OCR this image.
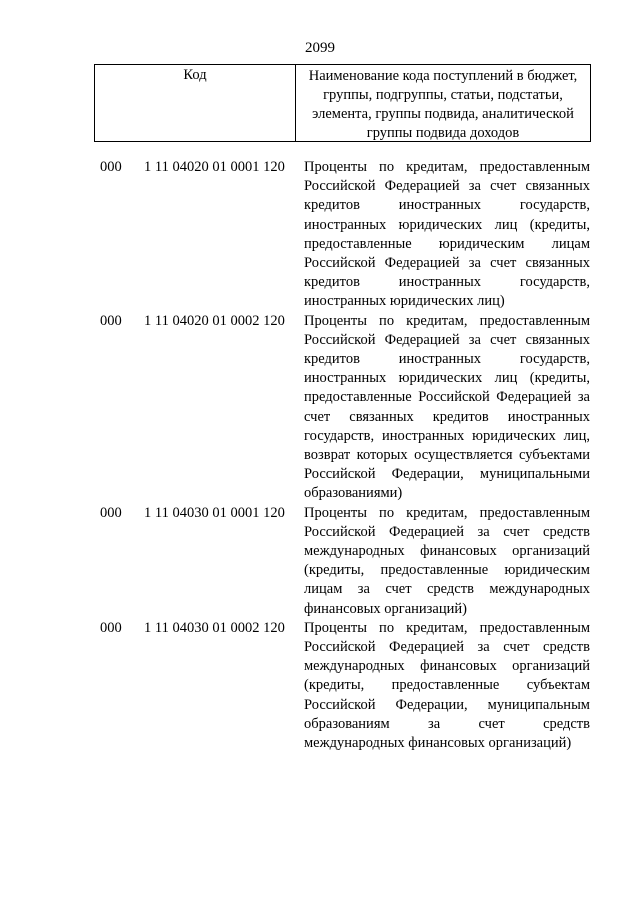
2099
Код	Наименование кода поступлений в бюджет, группы, подгруппы, статьи, подстатьи, элемента, группы подвида, аналитической группы подвида доходов
000	1 11 04020 01 0001 120	Проценты по кредитам, предоставленным Российской Федерацией за счет связанных кредитов иностранных государств, иностранных юридических лиц (кредиты, предоставленные юридическим лицам Российской Федерацией за счет связанных кредитов иностранных государств, иностранных юридических лиц)
000	1 11 04020 01 0002 120	Проценты по кредитам, предоставленным Российской Федерацией за счет связанных кредитов иностранных государств, иностранных юридических лиц (кредиты, предоставленные Российской Федерацией за счет связанных кредитов иностранных государств, иностранных юридических лиц, возврат которых осуществляется субъектами Российской Федерации, муниципальными образованиями)
000	1 11 04030 01 0001 120	Проценты по кредитам, предоставленным Российской Федерацией за счет средств международных финансовых организаций (кредиты, предоставленные юридическим лицам за счет средств международных финансовых организаций)
000	1 11 04030 01 0002 120	Проценты по кредитам, предоставленным Российской Федерацией за счет средств международных финансовых организаций (кредиты, предоставленные субъектам Российской Федерации, муниципальным образованиям за счет средств международных финансовых организаций)
